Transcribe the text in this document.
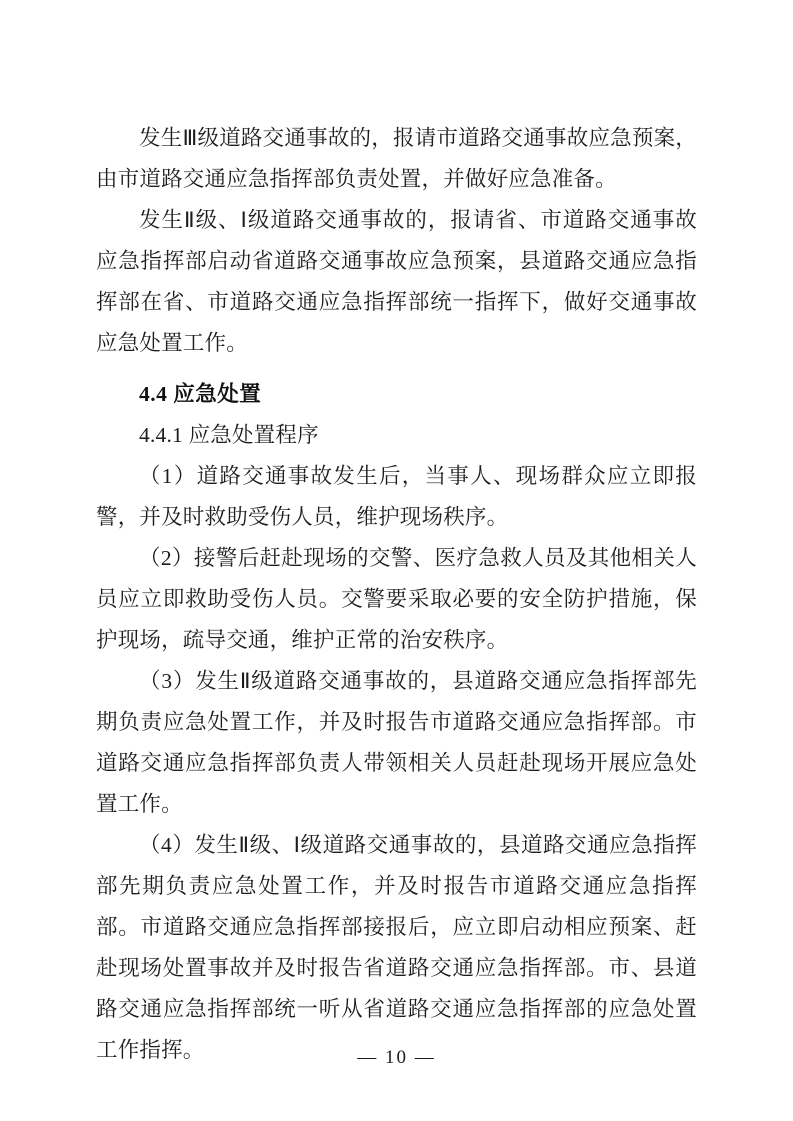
发生Ⅲ级道路交通事故的，报请市道路交通事故应急预案，由市道路交通应急指挥部负责处置，并做好应急准备。

发生Ⅱ级、Ⅰ级道路交通事故的，报请省、市道路交通事故应急指挥部启动省道路交通事故应急预案，县道路交通应急指挥部在省、市道路交通应急指挥部统一指挥下，做好交通事故应急处置工作。

4.4 应急处置

4.4.1 应急处置程序

（1）道路交通事故发生后，当事人、现场群众应立即报警，并及时救助受伤人员，维护现场秩序。

（2）接警后赶赴现场的交警、医疗急救人员及其他相关人员应立即救助受伤人员。交警要采取必要的安全防护措施，保护现场，疏导交通，维护正常的治安秩序。

（3）发生Ⅱ级道路交通事故的，县道路交通应急指挥部先期负责应急处置工作，并及时报告市道路交通应急指挥部。市道路交通应急指挥部负责人带领相关人员赶赴现场开展应急处置工作。

（4）发生Ⅱ级、Ⅰ级道路交通事故的，县道路交通应急指挥部先期负责应急处置工作，并及时报告市道路交通应急指挥部。市道路交通应急指挥部接报后，应立即启动相应预案、赶赴现场处置事故并及时报告省道路交通应急指挥部。市、县道路交通应急指挥部统一听从省道路交通应急指挥部的应急处置工作指挥。	— 10 —
